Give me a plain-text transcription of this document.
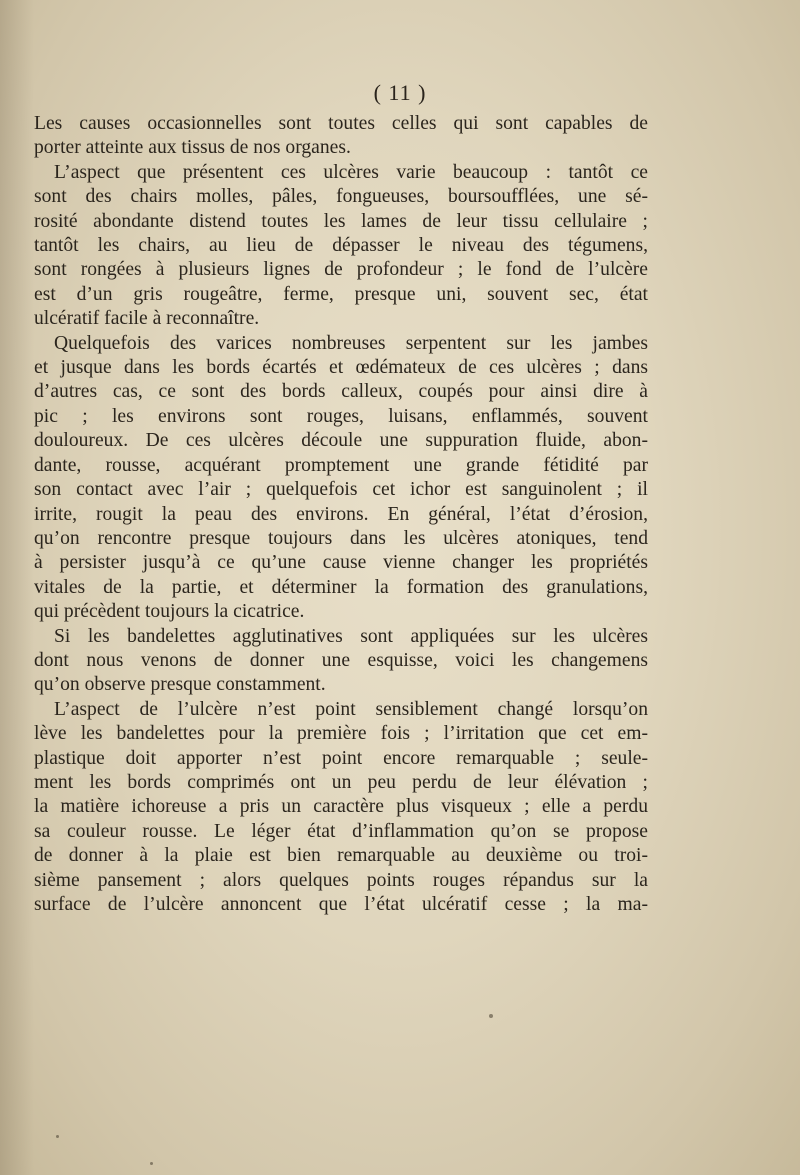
( 11 )
Les causes occasionnelles sont toutes celles qui sont capables de
porter atteinte aux tissus de nos organes.
L’aspect que présentent ces ulcères varie beaucoup : tantôt ce
sont des chairs molles, pâles, fongueuses, boursoufflées, une sé-
rosité abondante distend toutes les lames de leur tissu cellulaire ;
tantôt les chairs, au lieu de dépasser le niveau des tégumens,
sont rongées à plusieurs lignes de profondeur ; le fond de l’ulcère
est d’un gris rougeâtre, ferme, presque uni, souvent sec, état
ulcératif facile à reconnaître.
Quelquefois des varices nombreuses serpentent sur les jambes
et jusque dans les bords écartés et œdémateux de ces ulcères ; dans
d’autres cas, ce sont des bords calleux, coupés pour ainsi dire à
pic ; les environs sont rouges, luisans, enflammés, souvent
douloureux. De ces ulcères découle une suppuration fluide, abon-
dante, rousse, acquérant promptement une grande fétidité par
son contact avec l’air ; quelquefois cet ichor est sanguinolent ; il
irrite, rougit la peau des environs. En général, l’état d’érosion,
qu’on rencontre presque toujours dans les ulcères atoniques, tend
à persister jusqu’à ce qu’une cause vienne changer les propriétés
vitales de la partie, et déterminer la formation des granulations,
qui précèdent toujours la cicatrice.
Si les bandelettes agglutinatives sont appliquées sur les ulcères
dont nous venons de donner une esquisse, voici les changemens
qu’on observe presque constamment.
L’aspect de l’ulcère n’est point sensiblement changé lorsqu’on
lève les bandelettes pour la première fois ; l’irritation que cet em-
plastique doit apporter n’est point encore remarquable ; seule-
ment les bords comprimés ont un peu perdu de leur élévation ;
la matière ichoreuse a pris un caractère plus visqueux ; elle a perdu
sa couleur rousse. Le léger état d’inflammation qu’on se propose
de donner à la plaie est bien remarquable au deuxième ou troi-
sième pansement ; alors quelques points rouges répandus sur la
surface de l’ulcère annoncent que l’état ulcératif cesse ; la ma-
